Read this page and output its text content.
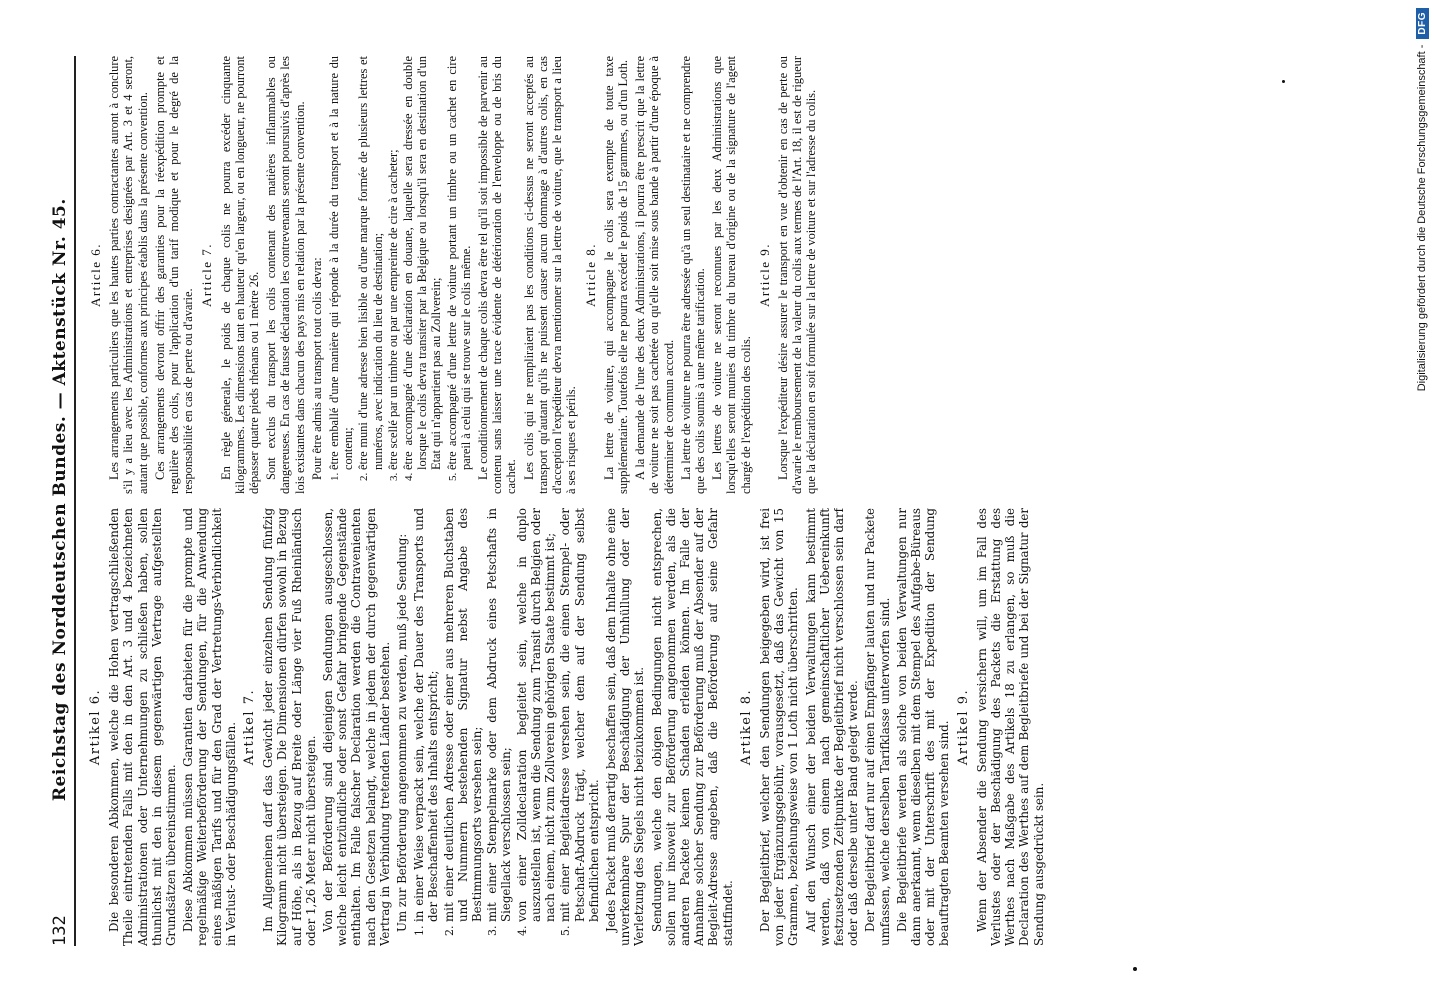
132
Reichstag des Norddeutschen Bundes. — Aktenstück Nr. 45. Artikel 6. Die besonderen Abkommen, welche die Hohen vertragschließenden Theile eintretenden Falls mit den in den Art. 3 und 4 bezeichneten Administrationen oder Unternehmungen zu schließen haben, sollen thunlichst mit den in diesem gegenwärtigen Vertrage aufgestellten Grundsätzen übereinstimmen. Diese Abkommen müssen Garantien darbieten für die prompte und regelmäßige Weiterbeförderung der Sendungen, für die Anwendung eines mäßigen Tarifs und für den Grad der Vertretungs-Verbindlichkeit in Verlust- oder Beschädigungsfällen. Artikel 7. Im Allgemeinen darf das Gewicht jeder einzelnen Sendung fünfzig Kilogramm nicht übersteigen. Die Dimensionen dürfen sowohl in Bezug auf Höhe, als in Bezug auf Breite oder Länge vier Fuß Rheinländisch oder 1,26 Meter nicht übersteigen. Von der Beförderung sind diejenigen Sendungen ausgeschlossen, welche leicht entzündliche oder sonst Gefahr bringende Gegenstände enthalten. Im Falle falscher Declaration werden die Contravenienten nach den Gesetzen belangt, welche in jedem der durch gegenwärtigen Vertrag in Verbindung tretenden Länder bestehen. Um zur Beförderung angenommen zu werden, muß jede Sendung: 1. in einer Weise verpackt sein, welche der Dauer des Transports und der Beschaffenheit des Inhalts entspricht; 2. mit einer deutlichen Adresse oder einer aus mehreren Buchstaben und Nummern bestehenden Signatur nebst Angabe des Bestimmungsorts versehen sein; 3. mit einer Stempelmarke oder dem Abdruck eines Petschafts in Siegellack verschlossen sein; 4. von einer Zolldeclaration begleitet sein, welche in duplo auszustellen ist, wenn die Sendung zum Transit durch Belgien oder nach einem, nicht zum Zollverein gehörigen Staate bestimmt ist; 5. mit einer Begleitadresse versehen sein, die einen Stempel- oder Petschaft-Abdruck trägt, welcher dem auf der Sendung selbst befindlichen entspricht. Jedes Packet muß derartig beschaffen sein, daß dem Inhalte ohne eine unverkennbare Spur der Beschädigung der Umhüllung oder der Verletzung des Siegels nicht beizukommen ist. Sendungen, welche den obigen Bedingungen nicht entsprechen, sollen nur insoweit zur Beförderung angenommen werden, als die anderen Packete keinen Schaden erleiden können. Im Falle der Annahme solcher Sendung zur Beförderung muß der Absender auf der Begleit-Adresse angeben, daß die Beförderung auf seine Gefahr stattfindet.

Artikel 8. Der Begleitbrief, welcher den Sendungen beigegeben wird, ist frei von jeder Ergänzungsgebühr, vorausgesetzt, daß das Gewicht von 15 Grammen, beziehungsweise von 1 Loth nicht überschritten. Auf den Wunsch einer der beiden Verwaltungen kann bestimmt werden, daß von einem nach gemeinschaftlicher Uebereinkunft festzusetzenden Zeitpunkte der Begleitbrief nicht verschlossen sein darf oder daß derselbe unter Band gelegt werde. Der Begleitbrief darf nur auf einen Empfänger lauten und nur Packete umfassen, welche derselben Tarifklasse unterworfen sind. Die Begleitbriefe werden als solche von beiden Verwaltungen nur dann anerkannt, wenn dieselben mit dem Stempel des Aufgabe-Büreaus oder mit der Unterschrift des mit der Expedition der Sendung beauftragten Beamten versehen sind. Artikel 9. Wenn der Absender die Sendung versichern will, um im Fall des Verlustes oder der Beschädigung des Packets die Erstattung des Werthes nach Maßgabe des Artikels 18 zu erlangen, so muß die Declaration des Werthes auf dem Begleitbriefe und bei der Signatur der Sendung ausgedrückt sein.

Article 6. Les arrangements particuliers que les hautes parties contractantes auront à conclure s'il y a lieu avec les Administrations et entreprises designées par Art. 3 et 4 seront, autant que possible, conformes aux principes établis dans la présente convention. Ces arrangements devront offrir des garanties pour la réexpédition prompte et regulière des colis, pour l'application d'un tarif modique et pour le degré de la responsabilité en cas de perte ou d'avarie.

Article 7. En règle génerale, le poids de chaque colis ne pourra excéder cinquante kilogrammes. Les dimensions tant en hauteur qu'en largeur, ou en longueur, ne pourront dépasser quatre pieds rhénans ou 1 mètre 26. Sont exclus du transport les colis contenant des matières inflammables ou dangereuses. En cas de fausse déclaration les contrevenants seront poursuivis d'après les lois existantes dans chacun des pays mis en relation par la présente convention. Pour être admis au transport tout colis devra: 1. être emballé d'une manière qui réponde à la durée du transport et à la nature du contenu; 2. être muni d'une adresse bien lisible ou d'une marque formée de plusieurs lettres et numéros, avec indication du lieu de destination; 3. être scellé par un timbre ou par une empreinte de cire à cacheter; 4. être accompagné d'une déclaration en douane, laquelle sera dressée en double lorsque le colis devra transiter par la Belgique ou lorsqu'il sera en destination d'un Etat qui n'appartient pas au Zollverein; 5. être accompagné d'une lettre de voiture portant un timbre ou un cachet en cire pareil à celui qui se trouve sur le colis même. Le conditionnement de chaque colis devra être tel qu'il soit impossible de parvenir au contenu sans laisser une trace évidente de détérioration de l'enveloppe ou de bris du cachet. Les colis qui ne rempliraient pas les conditions ci-dessus ne seront acceptés au transport qu'autant qu'ils ne puissent causer aucun dommage à d'autres colis, en cas d'acception l'expéditeur devra mentionner sur la lettre de voiture, que le transport a lieu à ses risques et périls.

Article 8. La lettre de voiture, qui accompagne le colis sera exempte de toute taxe supplémentaire. Toutefois elle ne pourra excéder le poids de 15 grammes, ou d'un Loth. A la demande de l'une des deux Administrations, il pourra être prescrit que la lettre de voiture ne soit pas cachetée ou qu'elle soit mise sous bande à partir d'une époque à déterminer de commun accord. La lettre de voiture ne pourra être adressée qu'à un seul destinataire et ne comprendre que des colis soumis à une même tarification. Les lettres de voiture ne seront reconnues par les deux Administrations que lorsqu'elles seront munies du timbre du bureau d'origine ou de la signature de l'agent chargé de l'expédition des colis.

Article 9. Lorsque l'expéditeur désire assurer le transport en vue d'obtenir en cas de perte ou d'avarie le remboursement de la valeur du colis aux termes de l'Art. 18, il est de rigueur que la déclaration en soit formulée sur la lettre de voiture et sur l'adresse du colis.	Digitalisierung gefördert durch die Deutsche Forschungsgemeinschaft -
DFG
